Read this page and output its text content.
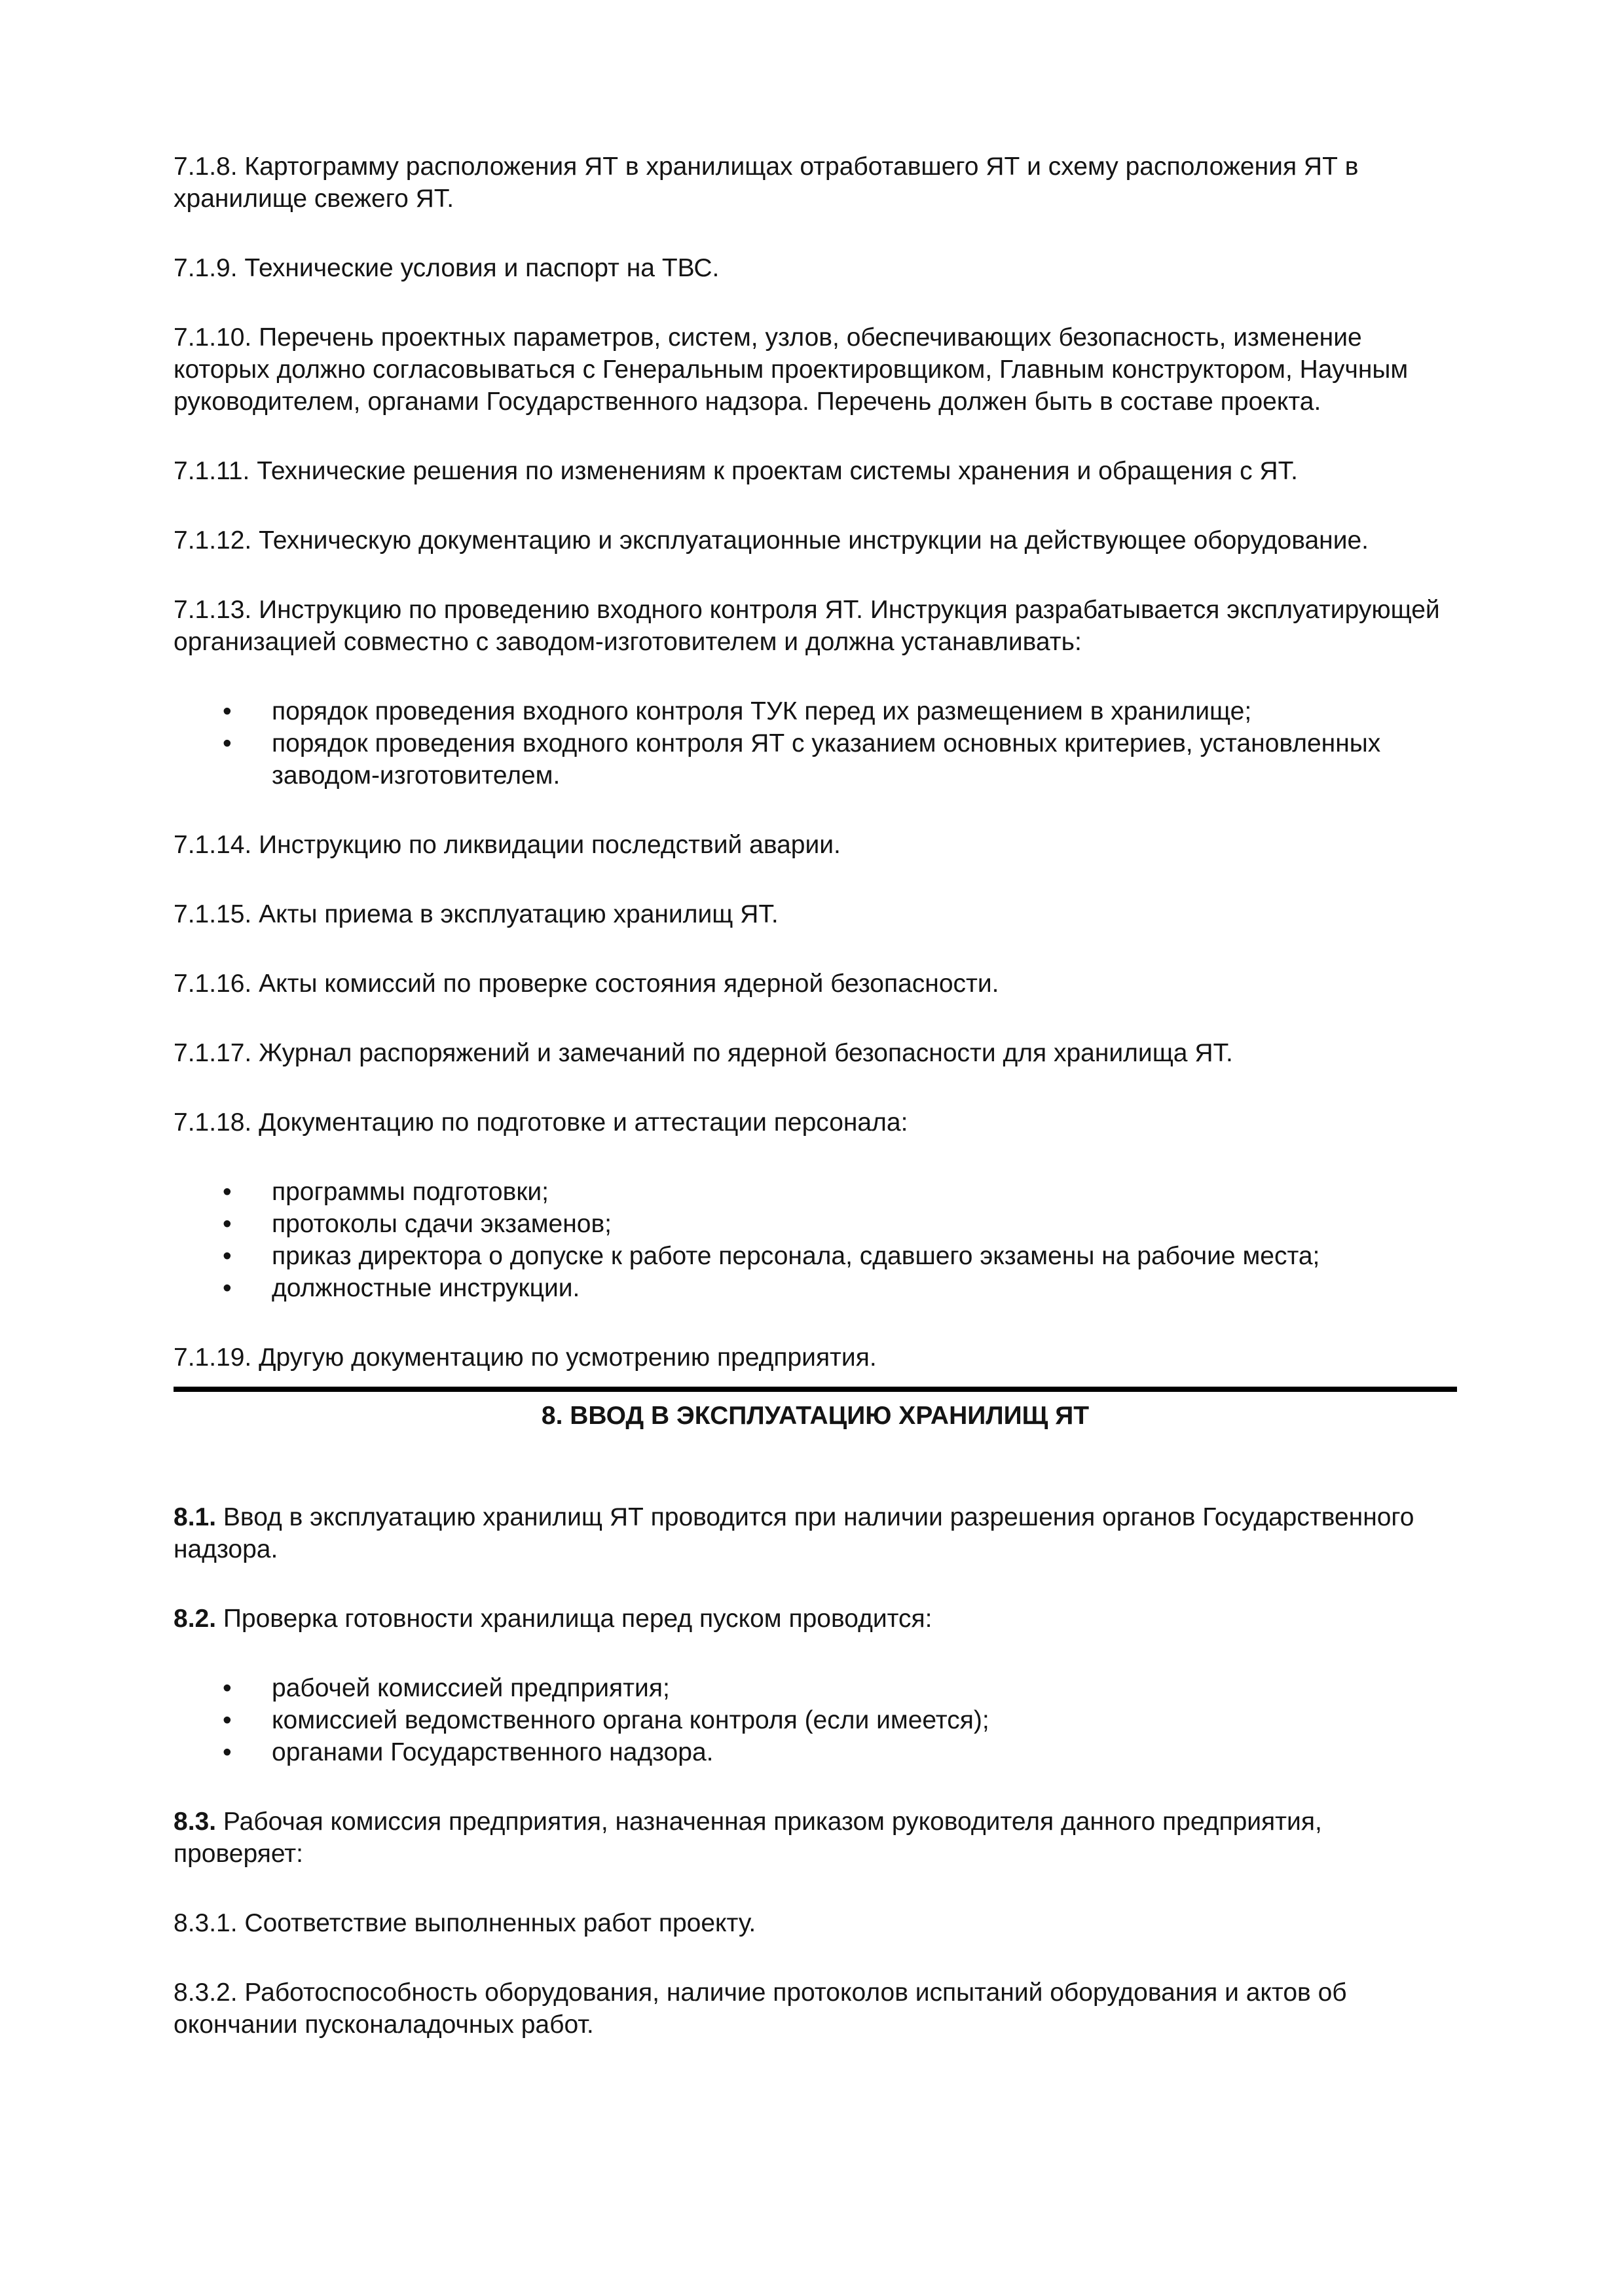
7.1.8. Картограмму расположения ЯТ в хранилищах отработавшего ЯТ и схему расположения ЯТ в хранилище свежего ЯТ.

7.1.9. Технические условия и паспорт на ТВС.

7.1.10. Перечень проектных параметров, систем, узлов, обеспечивающих безопасность, изменение которых должно согласовываться с Генеральным проектировщиком, Главным конструктором, Научным руководителем, органами Государственного надзора. Перечень должен быть в составе проекта.

7.1.11. Технические решения по изменениям к проектам системы хранения и обращения с ЯТ.

7.1.12. Техническую документацию и эксплуатационные инструкции на действующее оборудование.

7.1.13. Инструкцию по проведению входного контроля ЯТ. Инструкция разрабатывается эксплуатирующей организацией совместно с заводом-изготовителем и должна устанавливать:

• порядок проведения входного контроля ТУК перед их размещением в хранилище;
• порядок проведения входного контроля ЯТ с указанием основных критериев, установленных заводом-изготовителем.

7.1.14. Инструкцию по ликвидации последствий аварии.

7.1.15. Акты приема в эксплуатацию хранилищ ЯТ.

7.1.16. Акты комиссий по проверке состояния ядерной безопасности.

7.1.17. Журнал распоряжений и замечаний по ядерной безопасности для хранилища ЯТ.

7.1.18. Документацию по подготовке и аттестации персонала:

• программы подготовки;
• протоколы сдачи экзаменов;
• приказ директора о допуске к работе персонала, сдавшего экзамены на рабочие места;
• должностные инструкции.

7.1.19. Другую документацию по усмотрению предприятия.

8. ВВОД В ЭКСПЛУАТАЦИЮ ХРАНИЛИЩ ЯТ

8.1. Ввод в эксплуатацию хранилищ ЯТ проводится при наличии разрешения органов Государственного надзора.

8.2. Проверка готовности хранилища перед пуском проводится:

• рабочей комиссией предприятия;
• комиссией ведомственного органа контроля (если имеется);
• органами Государственного надзора.

8.3. Рабочая комиссия предприятия, назначенная приказом руководителя данного предприятия, проверяет:

8.3.1. Соответствие выполненных работ проекту.

8.3.2. Работоспособность оборудования, наличие протоколов испытаний оборудования и актов об окончании пусконаладочных работ.
